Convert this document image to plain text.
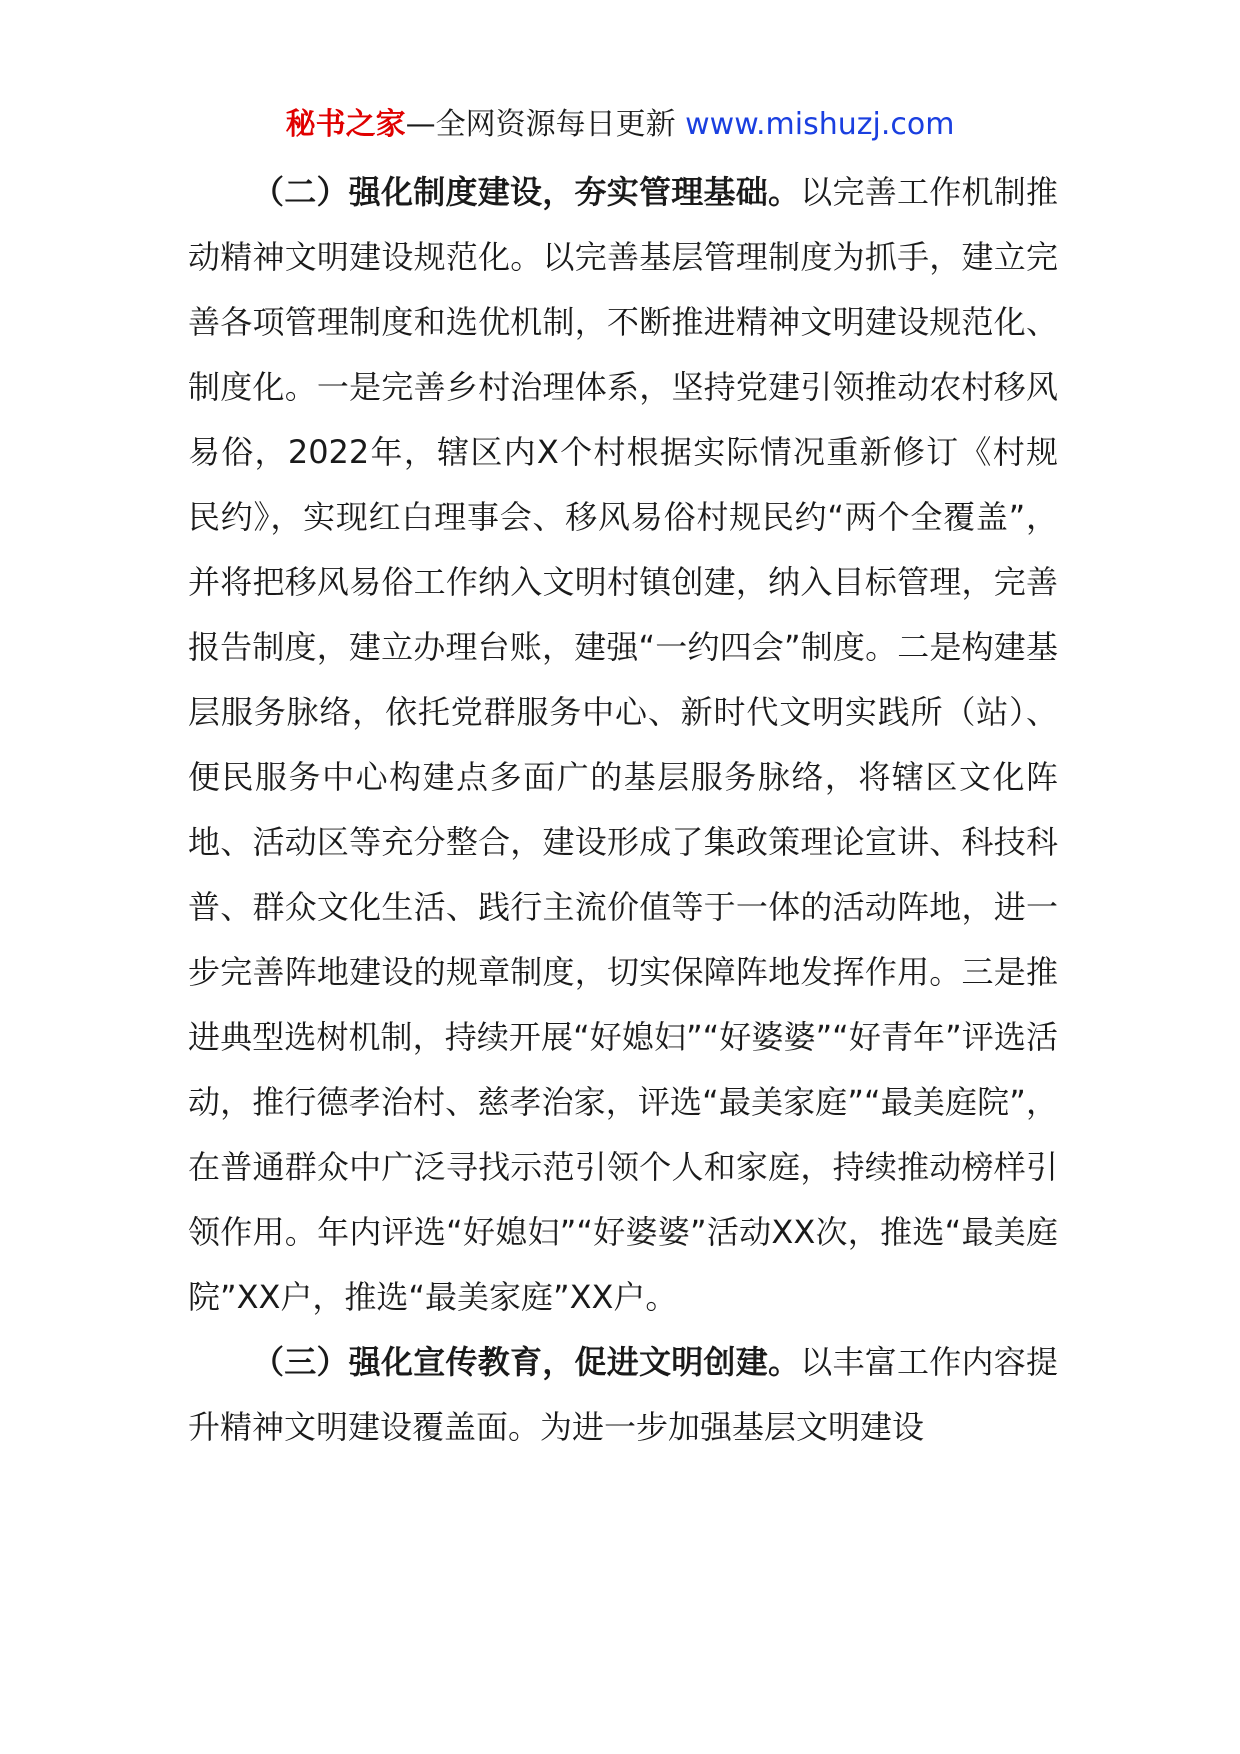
秘书之家—全网资源每日更新 www.mishuzj.com

（二）强化制度建设，夯实管理基础。以完善工作机制推动精神文明建设规范化。以完善基层管理制度为抓手，建立完善各项管理制度和选优机制，不断推进精神文明建设规范化、制度化。一是完善乡村治理体系，坚持党建引领推动农村移风易俗，2022年，辖区内X个村根据实际情况重新修订《村规民约》，实现红白理事会、移风易俗村规民约“两个全覆盖”，并将把移风易俗工作纳入文明村镇创建，纳入目标管理，完善报告制度，建立办理台账，建强“一约四会”制度。二是构建基层服务脉络，依托党群服务中心、新时代文明实践所（站）、便民服务中心构建点多面广的基层服务脉络，将辖区文化阵地、活动区等充分整合，建设形成了集政策理论宣讲、科技科普、群众文化生活、践行主流价值等于一体的活动阵地，进一步完善阵地建设的规章制度，切实保障阵地发挥作用。三是推进典型选树机制，持续开展“好媳妇”“好婆婆”“好青年”评选活动，推行德孝治村、慈孝治家，评选“最美家庭”“最美庭院”，在普通群众中广泛寻找示范引领个人和家庭，持续推动榜样引领作用。年内评选“好媳妇”“好婆婆”活动XX次，推选“最美庭院”XX户，推选“最美家庭”XX户。

（三）强化宣传教育，促进文明创建。以丰富工作内容提升精神文明建设覆盖面。为进一步加强基层文明建设
